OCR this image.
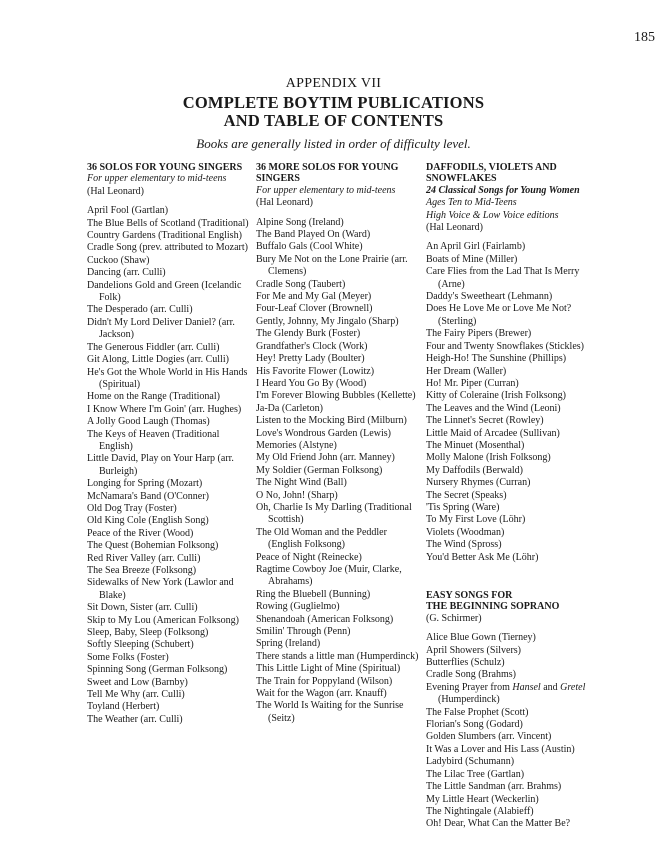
185
APPENDIX VII
COMPLETE BOYTIM PUBLICATIONS
AND TABLE OF CONTENTS
Books are generally listed in order of difficulty level.
36 SOLOS FOR YOUNG SINGERS
For upper elementary to mid-teens
(Hal Leonard)
April Fool (Gartlan)
The Blue Bells of Scotland (Traditional)
Country Gardens (Traditional English)
Cradle Song (prev. attributed to Mozart)
Cuckoo (Shaw)
Dancing (arr. Culli)
Dandelions Gold and Green (Icelandic Folk)
The Desperado (arr. Culli)
Didn't My Lord Deliver Daniel? (arr. Jackson)
The Generous Fiddler (arr. Culli)
Git Along, Little Dogies (arr. Culli)
He's Got the Whole World in His Hands (Spiritual)
Home on the Range (Traditional)
I Know Where I'm Goin' (arr. Hughes)
A Jolly Good Laugh (Thomas)
The Keys of Heaven (Traditional English)
Little David, Play on Your Harp (arr. Burleigh)
Longing for Spring (Mozart)
McNamara's Band (O'Conner)
Old Dog Tray (Foster)
Old King Cole (English Song)
Peace of the River (Wood)
The Quest (Bohemian Folksong)
Red River Valley (arr. Culli)
The Sea Breeze (Folksong)
Sidewalks of New York (Lawlor and Blake)
Sit Down, Sister (arr. Culli)
Skip to My Lou (American Folksong)
Sleep, Baby, Sleep (Folksong)
Softly Sleeping (Schubert)
Some Folks (Foster)
Spinning Song (German Folksong)
Sweet and Low (Barnby)
Tell Me Why (arr. Culli)
Toyland (Herbert)
The Weather (arr. Culli)
36 MORE SOLOS FOR YOUNG
SINGERS
For upper elementary to mid-teens
(Hal Leonard)
Alpine Song (Ireland)
The Band Played On (Ward)
Buffalo Gals (Cool White)
Bury Me Not on the Lone Prairie (arr. Clemens)
Cradle Song (Taubert)
For Me and My Gal (Meyer)
Four-Leaf Clover (Brownell)
Gently, Johnny, My Jingalo (Sharp)
The Glendy Burk (Foster)
Grandfather's Clock (Work)
Hey! Pretty Lady (Boulter)
His Favorite Flower (Lowitz)
I Heard You Go By (Wood)
I'm Forever Blowing Bubbles (Kellette)
Ja-Da (Carleton)
Listen to the Mocking Bird (Milburn)
Love's Wondrous Garden (Lewis)
Memories (Alstyne)
My Old Friend John (arr. Manney)
My Soldier (German Folksong)
The Night Wind (Ball)
O No, John! (Sharp)
Oh, Charlie Is My Darling (Traditional Scottish)
The Old Woman and the Peddler (English Folksong)
Peace of Night (Reinecke)
Ragtime Cowboy Joe (Muir, Clarke, Abrahams)
Ring the Bluebell (Bunning)
Rowing (Guglielmo)
Shenandoah (American Folksong)
Smilin' Through (Penn)
Spring (Ireland)
There stands a little man (Humperdinck)
This Little Light of Mine (Spiritual)
The Train for Poppyland (Wilson)
Wait for the Wagon (arr. Knauff)
The World Is Waiting for the Sunrise (Seitz)
DAFFODILS, VIOLETS AND
SNOWFLAKES
24 Classical Songs for Young Women
Ages Ten to Mid-Teens
High Voice & Low Voice editions
(Hal Leonard)
An April Girl (Fairlamb)
Boats of Mine (Miller)
Care Flies from the Lad That Is Merry (Arne)
Daddy's Sweetheart (Lehmann)
Does He Love Me or Love Me Not? (Sterling)
The Fairy Pipers (Brewer)
Four and Twenty Snowflakes (Stickles)
Heigh-Ho! The Sunshine (Phillips)
Her Dream (Waller)
Ho! Mr. Piper (Curran)
Kitty of Coleraine (Irish Folksong)
The Leaves and the Wind (Leoni)
The Linnet's Secret (Rowley)
Little Maid of Arcadee (Sullivan)
The Minuet (Mosenthal)
Molly Malone (Irish Folksong)
My Daffodils (Berwald)
Nursery Rhymes (Curran)
The Secret (Speaks)
'Tis Spring (Ware)
To My First Love (Löhr)
Violets (Woodman)
The Wind (Spross)
You'd Better Ask Me (Löhr)
EASY SONGS FOR
THE BEGINNING SOPRANO
(G. Schirmer)
Alice Blue Gown (Tierney)
April Showers (Silvers)
Butterflies (Schulz)
Cradle Song (Brahms)
Evening Prayer from Hansel and Gretel (Humperdinck)
The False Prophet (Scott)
Florian's Song (Godard)
Golden Slumbers (arr. Vincent)
It Was a Lover and His Lass (Austin)
Ladybird (Schumann)
The Lilac Tree (Gartlan)
The Little Sandman (arr. Brahms)
My Little Heart (Weckerlin)
The Nightingale (Alabieff)
Oh! Dear, What Can the Matter Be?
